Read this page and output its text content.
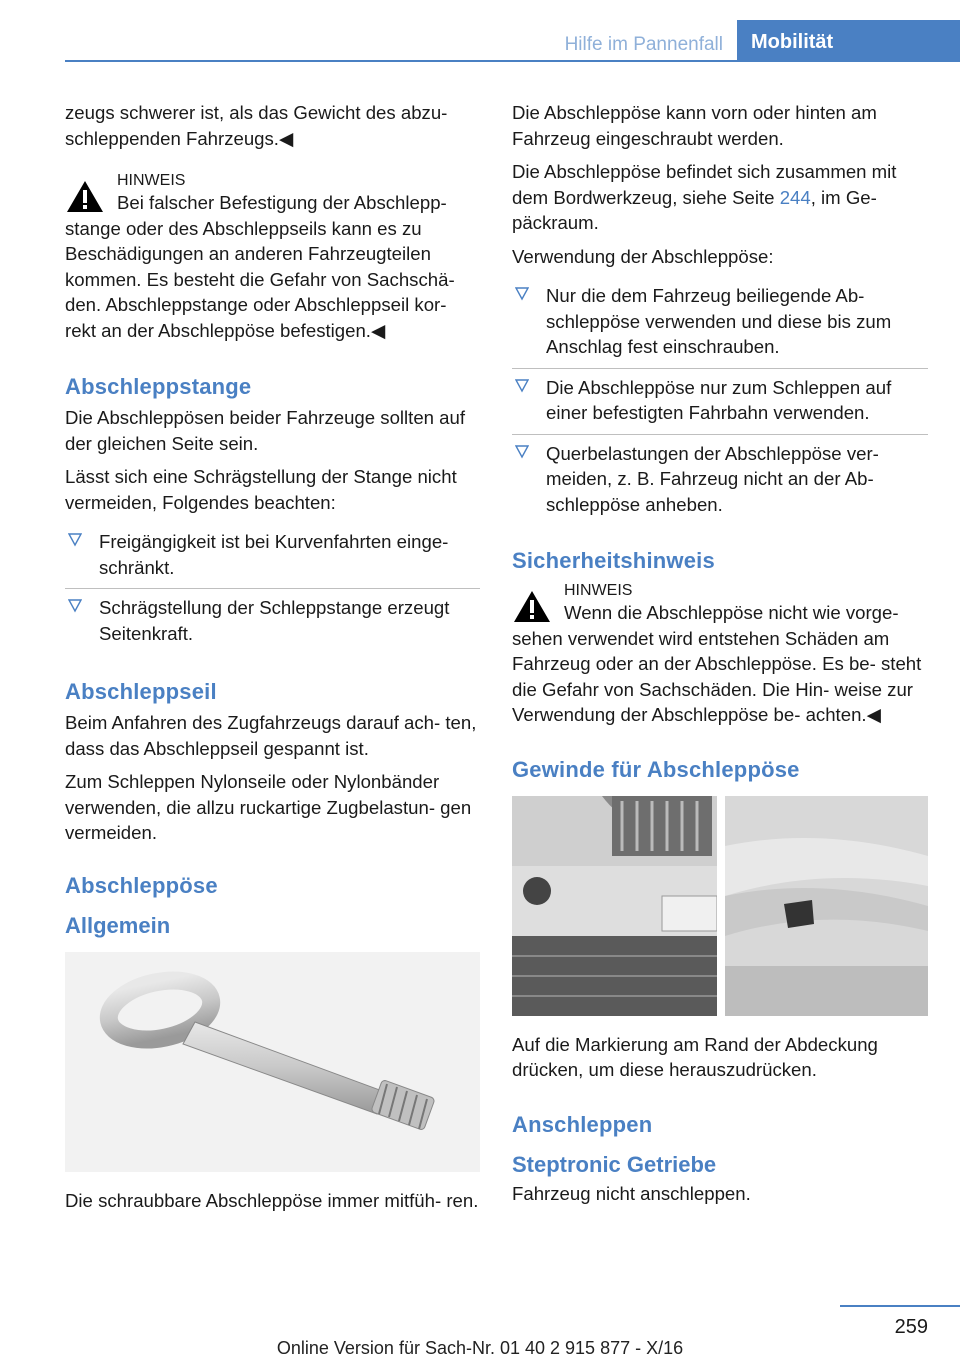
Hilfe im Pannenfall	Mobilität

zeugs schwerer ist, als das Gewicht des abzu- schleppenden Fahrzeugs.◀

HINWEIS

Bei falscher Befestigung der Abschlepp-
stange oder des Abschleppseils kann es zu Beschädigungen an anderen Fahrzeugteilen kommen. Es besteht die Gefahr von Sachschä- den. Abschleppstange oder Abschleppseil kor- rekt an der Abschleppöse befestigen.◀

Abschleppstange

Die Abschleppösen beider Fahrzeuge sollten auf der gleichen Seite sein.

Lässt sich eine Schrägstellung der Stange nicht vermeiden, Folgendes beachten:

Freigängigkeit ist bei Kurvenfahrten einge- schränkt.
Schrägstellung der Schleppstange erzeugt Seitenkraft.
Abschleppseil

Beim Anfahren des Zugfahrzeugs darauf ach- ten, dass das Abschleppseil gespannt ist.

Zum Schleppen Nylonseile oder Nylonbänder verwenden, die allzu ruckartige Zugbelastun- gen vermeiden.

Abschleppöse
Allgemein

Die schraubbare Abschleppöse immer mitfüh- ren.

Die Abschleppöse kann vorn oder hinten am Fahrzeug eingeschraubt werden.

Die Abschleppöse befindet sich zusammen mit dem Bordwerkzeug, siehe Seite 244, im Ge- päckraum.

Verwendung der Abschleppöse:

Nur die dem Fahrzeug beiliegende Ab- schleppöse verwenden und diese bis zum Anschlag fest einschrauben.
Die Abschleppöse nur zum Schleppen auf einer befestigten Fahrbahn verwenden.
Querbelastungen der Abschleppöse ver- meiden, z. B. Fahrzeug nicht an der Ab- schleppöse anheben.
Sicherheitshinweis
HINWEIS

Wenn die Abschleppöse nicht wie vorge-
sehen verwendet wird entstehen Schäden am Fahrzeug oder an der Abschleppöse. Es be- steht die Gefahr von Sachschäden. Die Hin- weise zur Verwendung der Abschleppöse be- achten.◀

Gewinde für Abschleppöse

Auf die Markierung am Rand der Abdeckung drücken, um diese herauszudrücken.

Anschleppen
Steptronic Getriebe

Fahrzeug nicht anschleppen.

259
Online Version für Sach-Nr. 01 40 2 915 877 - X/16
